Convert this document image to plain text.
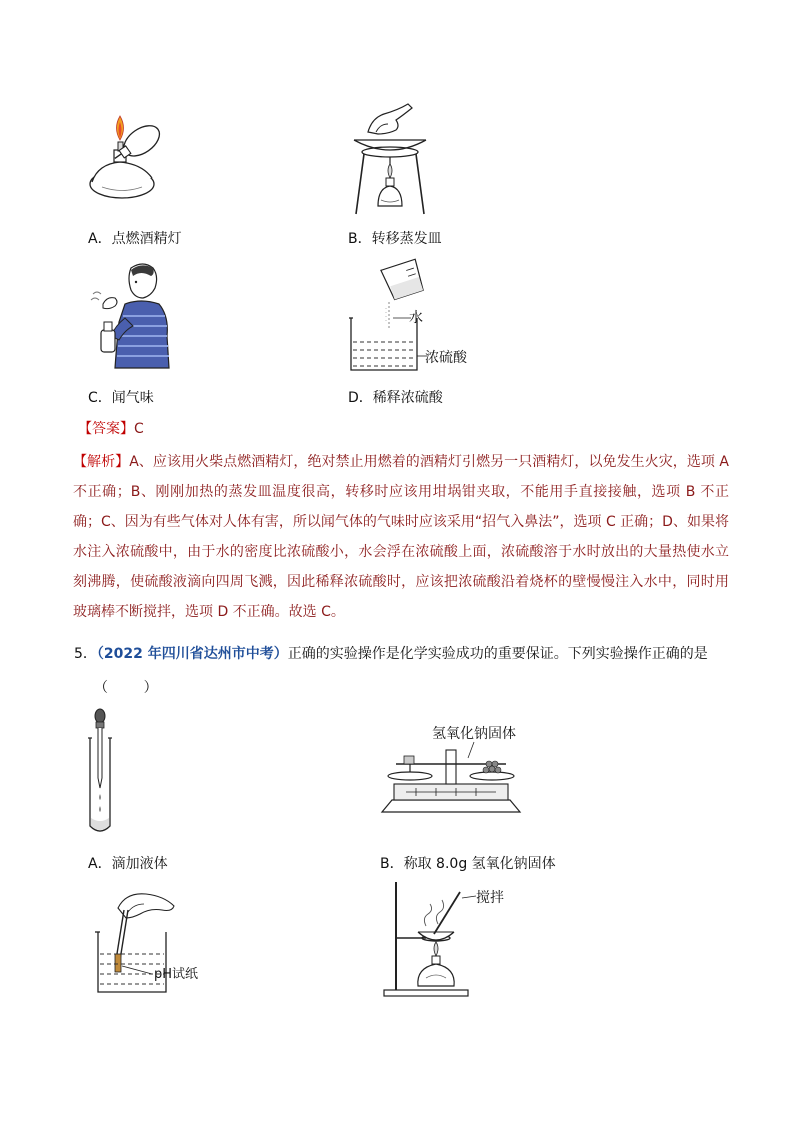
A．点燃酒精灯	B．转移蒸发皿
C．闻气味
水
浓硫酸
D．稀释浓硫酸
【答案】C
【解析】A、应该用火柴点燃酒精灯，绝对禁止用燃着的酒精灯引燃另一只酒精灯，以免发生火灾，选项 A 不正确；B、刚刚加热的蒸发皿温度很高，转移时应该用坩埚钳夹取，不能用手直接接触，选项 B 不正确；C、因为有些气体对人体有害，所以闻气体的气味时应该采用“招气入鼻法”，选项 C 正确；D、如果将水注入浓硫酸中，由于水的密度比浓硫酸小，水会浮在浓硫酸上面，浓硫酸溶于水时放出的大量热使水立刻沸腾，使硫酸液滴向四周飞溅，因此稀释浓硫酸时，应该把浓硫酸沿着烧杯的壁慢慢注入水中，同时用玻璃棒不断搅拌，选项 D 不正确。故选 C。
5．（2022 年四川省达州市中考）正确的实验操作是化学实验成功的重要保证。下列实验操作正确的是
（        ）
A．滴加液体
氢氧化钠固体
B．称取 8.0g 氢氧化钠固体
pH试纸
搅拌
